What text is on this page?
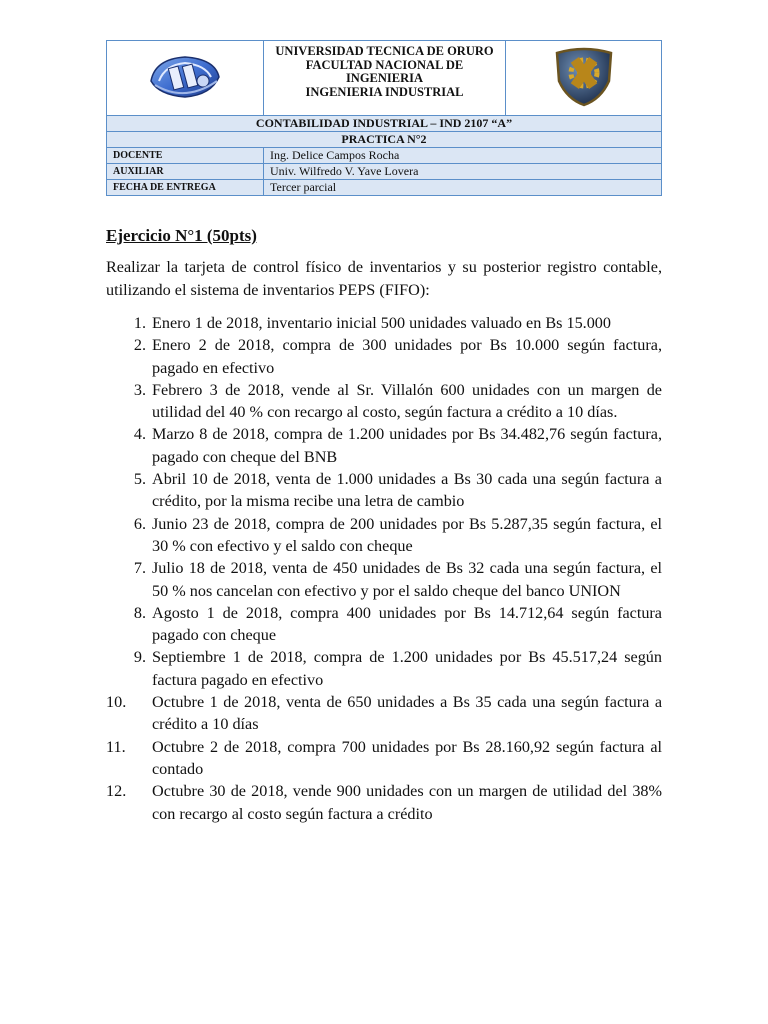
UNIVERSIDAD TECNICA DE ORURO
FACULTAD NACIONAL DE
INGENIERIA
INGENIERIA INDUSTRIAL

CONTABILIDAD INDUSTRIAL – IND 2107 “A”		
PRACTICA N°2		
DOCENTE	Ing. Delice Campos Rocha	
AUXILIAR	Univ. Wilfredo V. Yave Lovera	
FECHA DE ENTREGA	Tercer parcial	
Ejercicio N°1 (50pts)
Realizar la tarjeta de control físico de inventarios y su posterior registro contable, utilizando el sistema de inventarios PEPS (FIFO):
1. Enero 1 de 2018, inventario inicial 500 unidades valuado en Bs 15.000
2. Enero 2 de 2018, compra de 300 unidades por Bs 10.000 según factura, pagado en efectivo
3. Febrero 3 de 2018, vende al Sr. Villalón 600 unidades con un margen de utilidad del 40 % con recargo al costo, según factura a crédito a 10 días.
4. Marzo 8 de 2018, compra de 1.200 unidades por Bs 34.482,76 según factura, pagado con cheque del BNB
5. Abril 10 de 2018, venta de 1.000 unidades a Bs 30 cada una según factura a crédito, por la misma recibe una letra de cambio
6. Junio 23 de 2018, compra de 200 unidades por Bs 5.287,35 según factura, el 30 % con efectivo y el saldo con cheque
7. Julio 18 de 2018, venta de 450 unidades de Bs 32 cada una según factura, el 50 % nos cancelan con efectivo y por el saldo cheque del banco UNION
8. Agosto 1 de 2018, compra 400 unidades por Bs 14.712,64 según factura pagado con cheque
9. Septiembre 1 de 2018, compra de 1.200 unidades por Bs 45.517,24 según factura pagado en efectivo
10.	Octubre 1 de 2018, venta de 650 unidades a Bs 35 cada una según factura a crédito a 10 días
11.	Octubre 2 de 2018, compra 700 unidades por Bs 28.160,92 según factura al contado
12.	Octubre 30 de 2018, vende 900 unidades con un margen de utilidad del 38% con recargo al costo según factura a crédito
